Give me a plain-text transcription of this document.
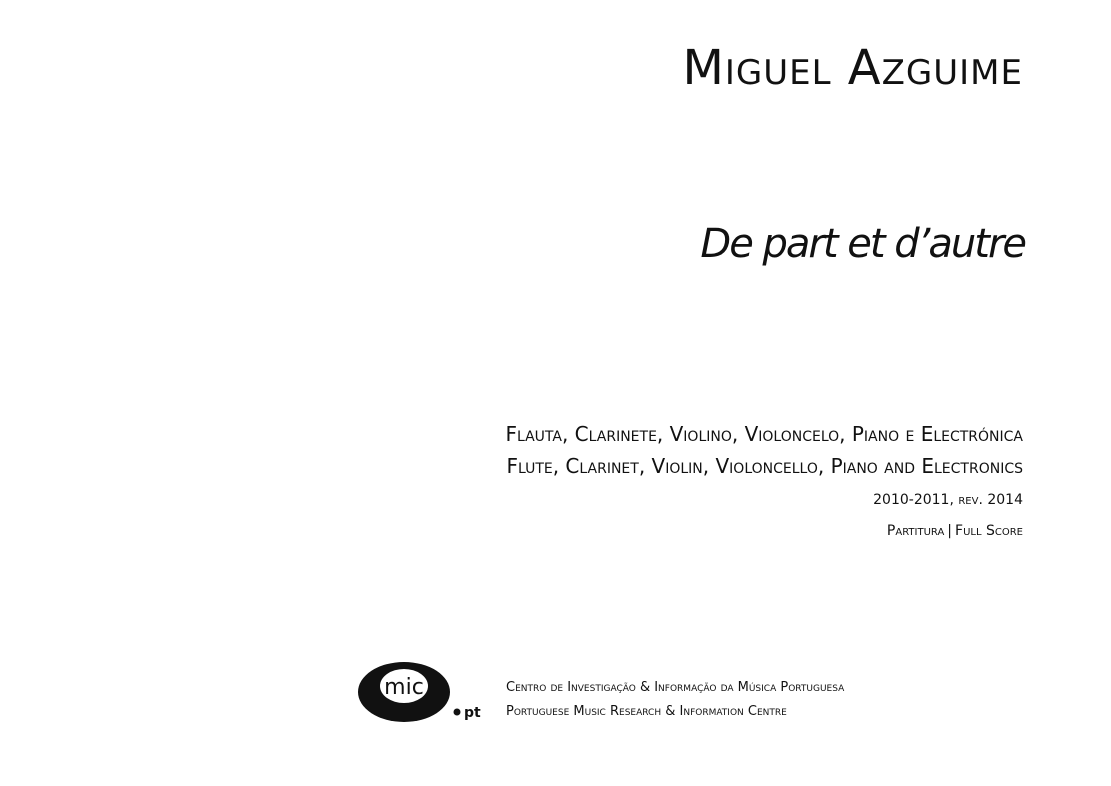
Miguel Azguime
De part et d’autre

Flauta, Clarinete, Violino, Violoncelo, Piano e Electrónica

Flute, Clarinet, Violin, Violoncello, Piano and Electronics

2010-2011, rev. 2014
Partitura | Full Score
mic
pt
Centro de Investigação & Informação da Música Portuguesa
Portuguese Music Research & Information Centre
